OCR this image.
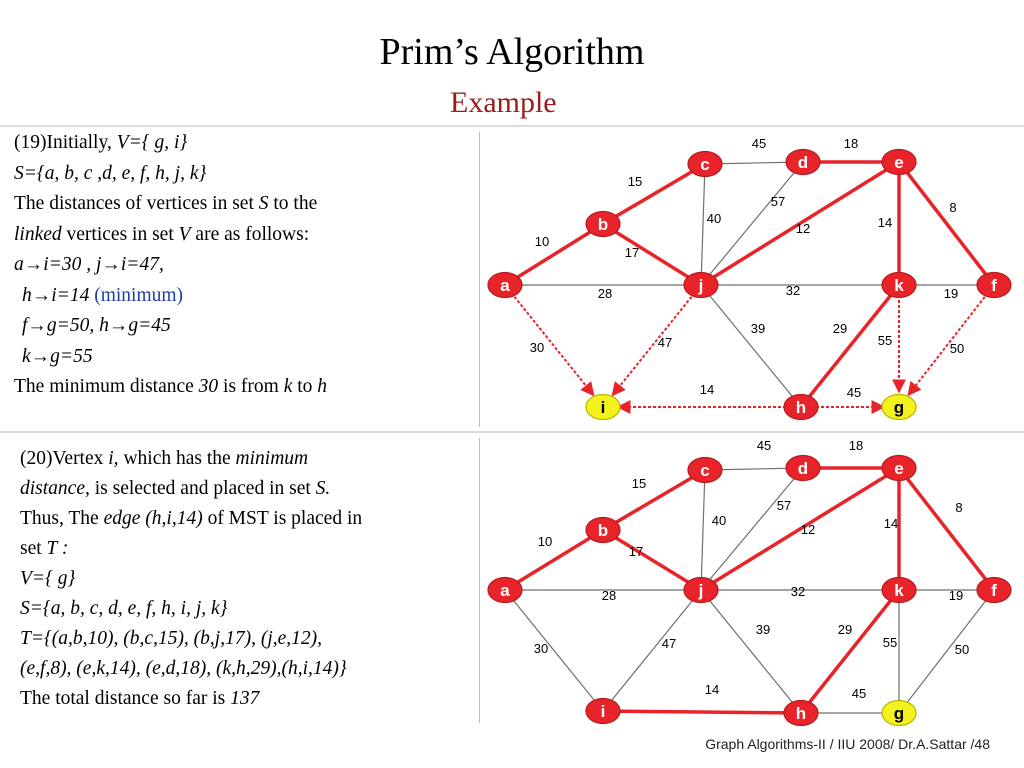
Prim’s Algorithm
Example
(19)Initially, V={ g, i}
S={a, b, c ,d, e, f, h, j, k}
The distances of vertices in set S to the
linked vertices in set V are as follows:
a→i=30 , j→i=47,
h→i=14 (minimum)
f→g=50, h→g=45
k→g=55
The minimum distance 30 is from k to h
(20)Vertex i, which has the minimum
distance, is selected and placed in set S.
Thus, The edge (h,i,14) of MST is placed in
set T :
V={ g}
S={a, b, c, d, e, f, h, i, j, k}
T={(a,b,10), (b,c,15), (b,j,17), (j,e,12),
(e,f,8), (e,k,14), (e,d,18), (k,h,29),(h,i,14)}
The total distance so far is 137
10
15
45	18
8
17
40
57
12	14
28	32	19
30	47
39	29
55
50
14	45
a
b
c	d	e
f
j	k
h
i	g
10
15
45	18
8
17
40
57
12	14
28	32	19
30	47
39	29
55	50
14	45
a
b
c	d	e
f
j	k
h
i	g
Graph Algorithms-II / IIU 2008/ Dr.A.Sattar /48
